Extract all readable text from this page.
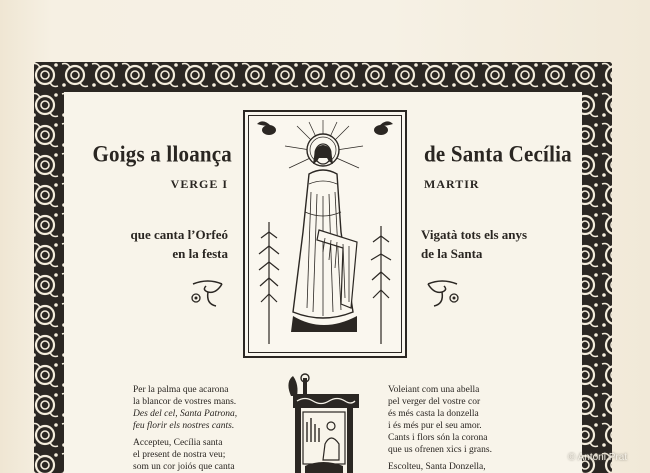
Goigs a lloança	de Santa Cecília
VERGE I	MARTIR
que canta l’Orfeó
en la festa
Vigatà tots els anys
de la Santa
Per la palma que acarona
la blancor de vostres mans.
Des del cel, Santa Patrona,
feu florir els nostres cants.
Accepteu, Cecília santa
el present de nostra veu;
som un cor joiós que canta
Voleiant com una abella
pel verger del vostre cor
és més casta la donzella
i és més pur el seu amor.
Cants i flors són la corona
que us ofrenen xics i grans.
Escolteu, Santa Donzella,
© Antoni Prat
